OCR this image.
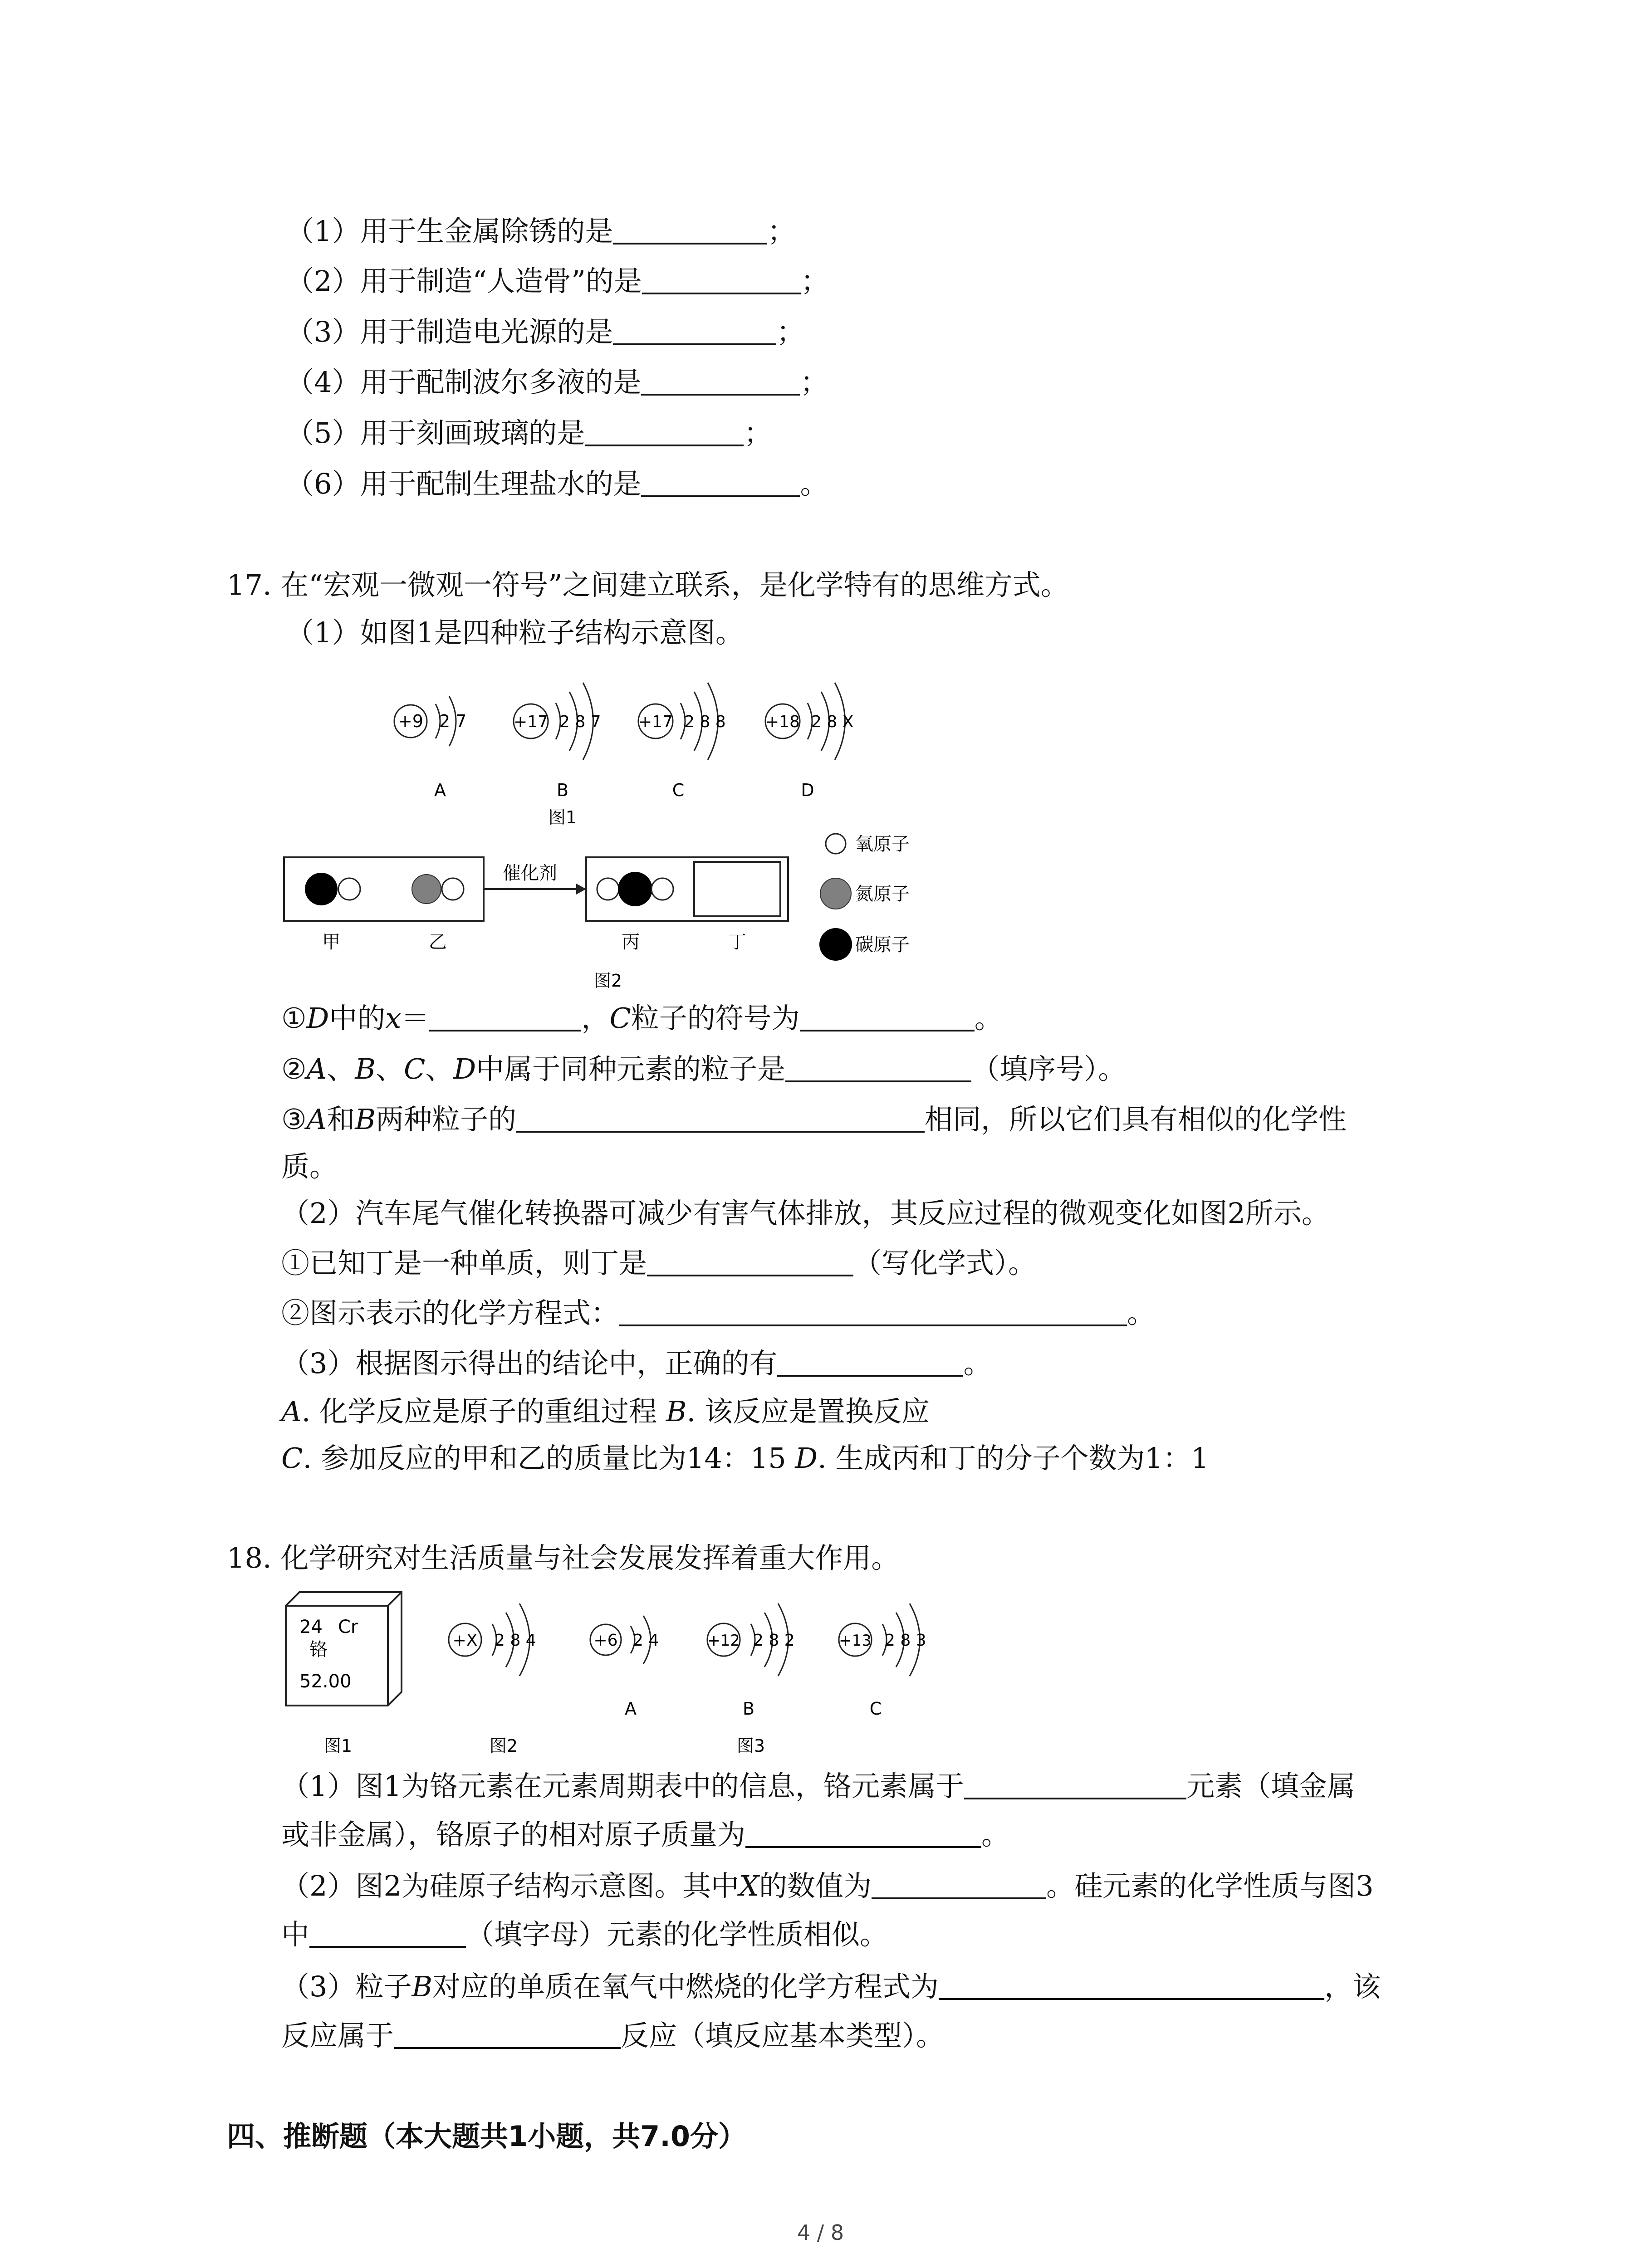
（1）用于生金属除锈的是	；
（2）用于制造“人造骨”的是	；
（3）用于制造电光源的是	；
（4）用于配制波尔多液的是	；
（5）用于刻画玻璃的是	；
（6）用于配制生理盐水的是	。
17. 在“宏观一微观一符号”之间建立联系，是化学特有的思维方式。
（1）如图1是四种粒子结构示意图。
+9 2 7
A
+17 2 8 7
B
+17 2 8 8
C
+18 2 8 X
D
图1
催化剂
甲	乙	丙	丁
图2
氧原子
氮原子
碳原子
①D中的x＝	，C粒子的符号为	。
②A、B、C、D中属于同种元素的粒子是	（填序号）。
③A和B两种粒子的	相同，所以它们具有相似的化学性
质。
（2）汽车尾气催化转换器可减少有害气体排放，其反应过程的微观变化如图2所示。
①已知丁是一种单质，则丁是	（写化学式）。
②图示表示的化学方程式：	。
（3）根据图示得出的结论中，正确的有	。
A. 化学反应是原子的重组过程 B. 该反应是置换反应
C. 参加反应的甲和乙的质量比为14：15 D. 生成丙和丁的分子个数为1：1
18. 化学研究对生活质量与社会发展发挥着重大作用。
24 Cr
铬
52.00
+X 2 8 4	+6 2 4
A
+12 2 8 2
B
+13 2 8 3
C
图1	图2	图3
（1）图1为铬元素在元素周期表中的信息，铬元素属于	元素（填金属
或非金属），铬原子的相对原子质量为	。
（2）图2为硅原子结构示意图。其中X的数值为	。硅元素的化学性质与图3
中	（填字母）元素的化学性质相似。
（3）粒子B对应的单质在氧气中燃烧的化学方程式为	，该
反应属于	反应（填反应基本类型）。
四、推断题（本大题共1小题，共7.0分）
4 / 8
